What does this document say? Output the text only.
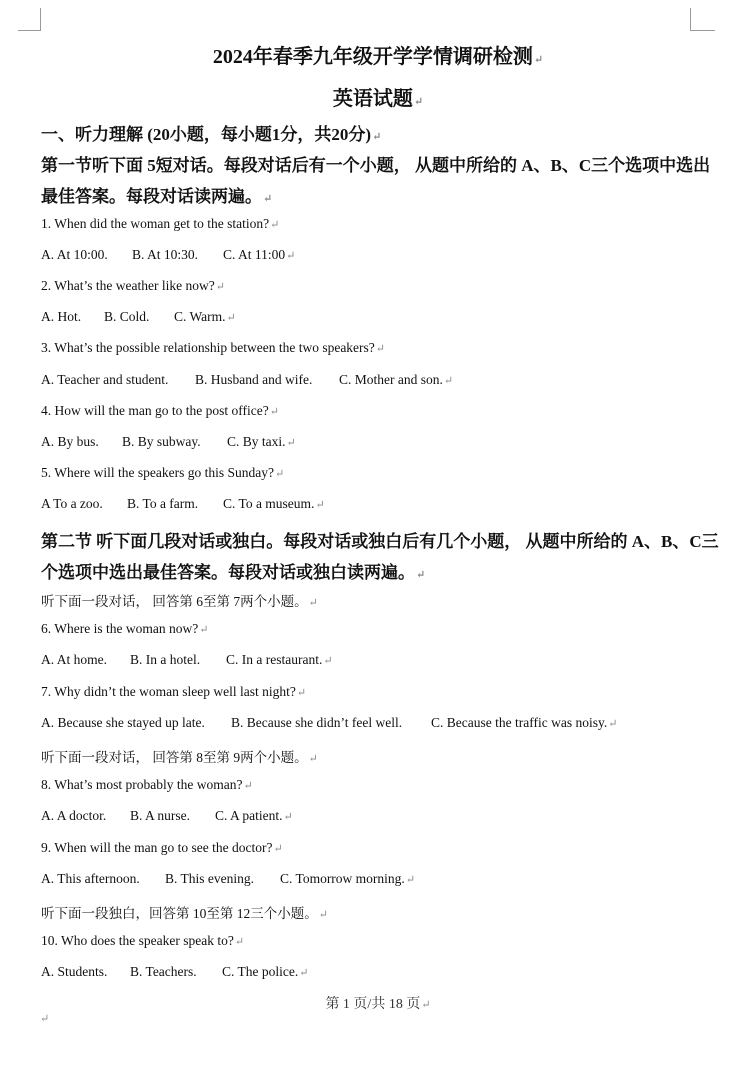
2024年春季九年级开学学情调研检测↵
英语试题↵
一、听力理解 (20小题，每小题1分，共20分)↵
第一节听下面 5短对话。每段对话后有一个小题， 从题中所给的 A、B、C三个选项中选出
最佳答案。每段对话读两遍。↵
1. When did the woman get to the station?↵
A. At 10:00. B. At 10:30. C. At 11:00↵
2. What’s the weather like now?↵
A. Hot. B. Cold. C. Warm.↵
3. What’s the possible relationship between the two speakers?↵
A. Teacher and student. B. Husband and wife. C. Mother and son.↵
4. How will the man go to the post office?↵
A. By bus. B. By subway. C. By taxi.↵
5. Where will the speakers go this Sunday?↵
A To a zoo. B. To a farm. C. To a museum.↵
第二节 听下面几段对话或独白。每段对话或独白后有几个小题， 从题中所给的 A、B、C三
个选项中选出最佳答案。每段对话或独白读两遍。↵
听下面一段对话， 回答第 6至第 7两个小题。↵
6. Where is the woman now?↵
A. At home. B. In a hotel. C. In a restaurant.↵
7. Why didn’t the woman sleep well last night?↵
A. Because she stayed up late. B. Because she didn’t feel well. C. Because the traffic was noisy.↵
听下面一段对话， 回答第 8至第 9两个小题。↵
8. What’s most probably the woman?↵
A. A doctor. B. A nurse. C. A patient.↵
9. When will the man go to see the doctor?↵
A. This afternoon. B. This evening. C. Tomorrow morning.↵
听下面一段独白，回答第 10至第 12三个小题。↵
10. Who does the speaker speak to?↵
A. Students. B. Teachers. C. The police.↵
第 1 页/共 18 页↵
↵
